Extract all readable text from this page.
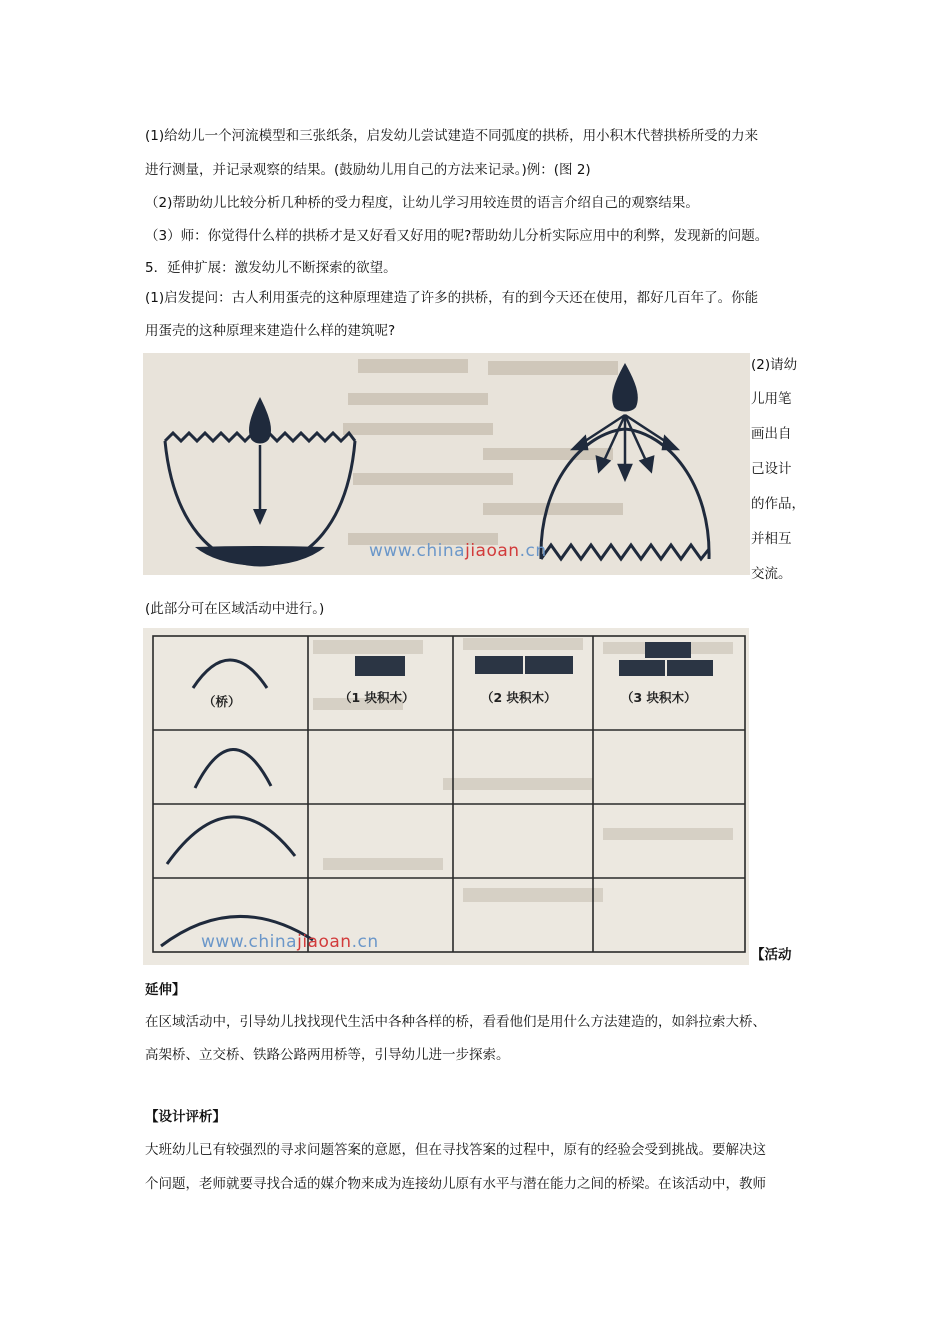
(1)给幼儿一个河流模型和三张纸条，启发幼儿尝试建造不同弧度的拱桥，用小积木代替拱桥所受的力来
进行测量，并记录观察的结果。(鼓励幼儿用自己的方法来记录。)例：(图 2)
（2)帮助幼儿比较分析几种桥的受力程度，让幼儿学习用较连贯的语言介绍自己的观察结果。
（3）师：你觉得什么样的拱桥才是又好看又好用的呢?帮助幼儿分析实际应用中的利弊，发现新的问题。
5．延伸扩展：激发幼儿不断探索的欲望。
(1)启发提问：古人利用蛋壳的这种原理建造了许多的拱桥，有的到今天还在使用，都好几百年了。你能
用蛋壳的这种原理来建造什么样的建筑呢?
www.chinajiaoan.cn
(2)请幼
儿用笔
画出自
己设计
的作品，
并相互
交流。
(此部分可在区域活动中进行。)
（桥）	（1 块积木）	（2 块积木）	（3 块积木）
www.chinajiaoan.cn
【活动
延伸】
在区域活动中，引导幼儿找找现代生活中各种各样的桥，看看他们是用什么方法建造的，如斜拉索大桥、
高架桥、立交桥、铁路公路两用桥等，引导幼儿进一步探索。
【设计评析】
大班幼儿已有较强烈的寻求问题答案的意愿，但在寻找答案的过程中，原有的经验会受到挑战。要解决这
个问题，老师就要寻找合适的媒介物来成为连接幼儿原有水平与潜在能力之间的桥梁。在该活动中，教师
